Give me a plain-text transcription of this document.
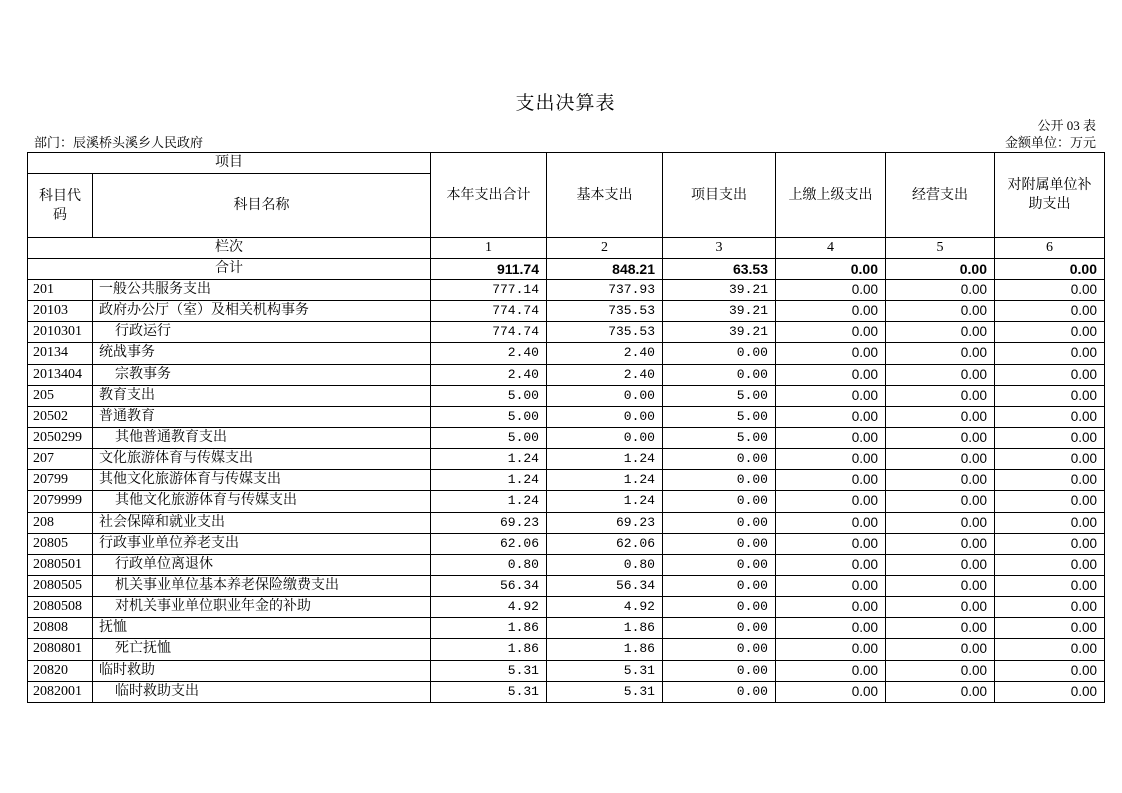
支出决算表
公开 03 表
部门：辰溪桥头溪乡人民政府	金额单位：万元
项目		本年支出合计	基本支出	项目支出	上缴上级支出	经营支出	对附属单位补助支出
科目代码	科目名称						
栏次		1	2	3	4	5	6
合计		911.74	848.21	63.53	0.00	0.00	0.00
201	一般公共服务支出	777.14	737.93	39.21	0.00	0.00	0.00
20103	政府办公厅（室）及相关机构事务	774.74	735.53	39.21	0.00	0.00	0.00
2010301	行政运行	774.74	735.53	39.21	0.00	0.00	0.00
20134	统战事务	2.40	2.40	0.00	0.00	0.00	0.00
2013404	宗教事务	2.40	2.40	0.00	0.00	0.00	0.00
205	教育支出	5.00	0.00	5.00	0.00	0.00	0.00
20502	普通教育	5.00	0.00	5.00	0.00	0.00	0.00
2050299	其他普通教育支出	5.00	0.00	5.00	0.00	0.00	0.00
207	文化旅游体育与传媒支出	1.24	1.24	0.00	0.00	0.00	0.00
20799	其他文化旅游体育与传媒支出	1.24	1.24	0.00	0.00	0.00	0.00
2079999	其他文化旅游体育与传媒支出	1.24	1.24	0.00	0.00	0.00	0.00
208	社会保障和就业支出	69.23	69.23	0.00	0.00	0.00	0.00
20805	行政事业单位养老支出	62.06	62.06	0.00	0.00	0.00	0.00
2080501	行政单位离退休	0.80	0.80	0.00	0.00	0.00	0.00
2080505	机关事业单位基本养老保险缴费支出	56.34	56.34	0.00	0.00	0.00	0.00
2080508	对机关事业单位职业年金的补助	4.92	4.92	0.00	0.00	0.00	0.00
20808	抚恤	1.86	1.86	0.00	0.00	0.00	0.00
2080801	死亡抚恤	1.86	1.86	0.00	0.00	0.00	0.00
20820	临时救助	5.31	5.31	0.00	0.00	0.00	0.00
2082001	临时救助支出	5.31	5.31	0.00	0.00	0.00	0.00
